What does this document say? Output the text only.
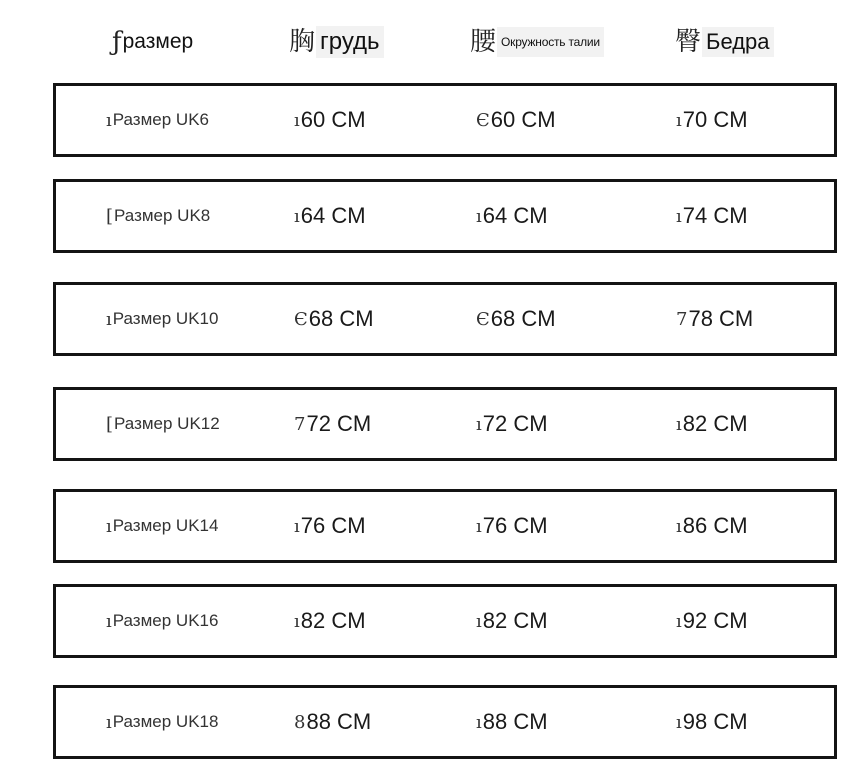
ƒ размер	胸 грудь	腰 Окружность талии	臀 Бедра
ı Размер UK6	ı 60 CM	Є 60 CM	ı 70 CM
[ Размер UK8	ı 64 CM	ı 64 CM	ı 74 CM
ı Размер UK10	Є 68 CM	Є 68 CM	7 78 CM
[ Размер UK12	7 72 CM	ı 72 CM	ı 82 CM
ı Размер UK14	ı 76 CM	ı 76 CM	ı 86 CM
ı Размер UK16	ı 82 CM	ı 82 CM	ı 92 CM
ı Размер UK18	8 88 CM	ı 88 CM	ı 98 CM
